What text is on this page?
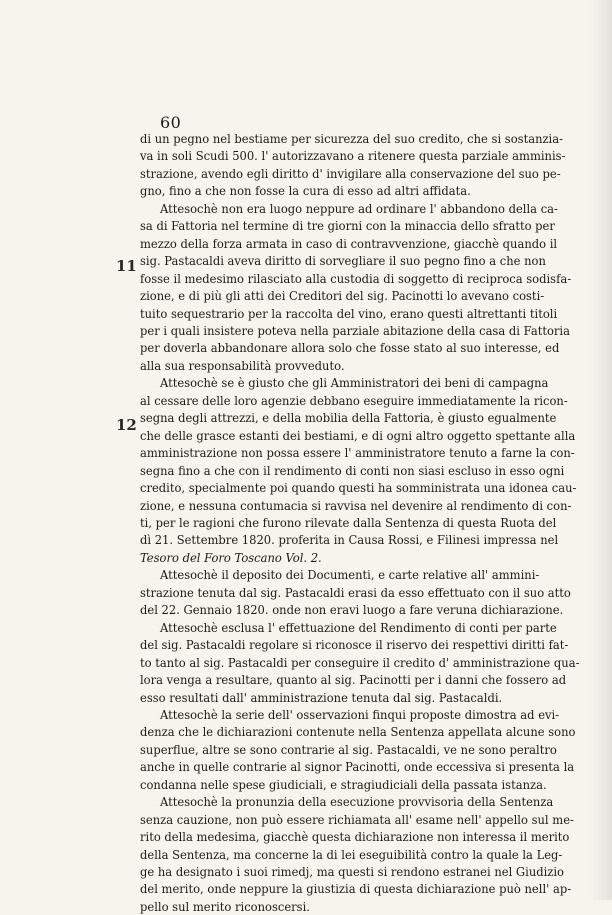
60
11
12

di un pegno nel bestiame per sicurezza del suo credito, che si sostanzia-
va in soli Scudi 500. l' autorizzavano a ritenere questa parziale amminis-
strazione, avendo egli diritto d' invigilare alla conservazione del suo pe-
gno, fino a che non fosse la cura di esso ad altri affidata.

Attesochè non era luogo neppure ad ordinare l' abbandono della ca-
sa di Fattoria nel termine di tre giorni con la minaccia dello sfratto per
mezzo della forza armata in caso di contravvenzione, giacchè quando il
sig. Pastacaldi aveva diritto di sorvegliare il suo pegno fino a che non
fosse il medesimo rilasciato alla custodia di soggetto di reciproca sodisfa-
zione, e di più gli atti dei Creditori del sig. Pacinotti lo avevano costi-
tuito sequestrario per la raccolta del vino, erano questi altrettanti titoli
per i quali insistere poteva nella parziale abitazione della casa di Fattoria
per doverla abbandonare allora solo che fosse stato al suo interesse, ed
alla sua responsabilità provveduto.

Attesochè se è giusto che gli Amministratori dei beni di campagna
al cessare delle loro agenzie debbano eseguire immediatamente la ricon-
segna degli attrezzi, e della mobilia della Fattoria, è giusto egualmente
che delle grasce estanti dei bestiami, e di ogni altro oggetto spettante alla
amministrazione non possa essere l' amministratore tenuto a farne la con-
segna fino a che con il rendimento di conti non siasi escluso in esso ogni
credito, specialmente poi quando questi ha somministrata una idonea cau-
zione, e nessuna contumacia si ravvisa nel devenire al rendimento di con-
ti, per le ragioni che furono rilevate dalla Sentenza di questa Ruota del
dì 21. Settembre 1820. proferita in Causa Rossi, e Filinesi impressa nel
Tesoro del Foro Toscano Vol. 2.

Attesochè il deposito dei Documenti, e carte relative all' ammini-
strazione tenuta dal sig. Pastacaldi erasi da esso effettuato con il suo atto
del 22. Gennaio 1820. onde non eravi luogo a fare veruna dichiarazione.

Attesochè esclusa l' effettuazione del Rendimento di conti per parte
del sig. Pastacaldi regolare si riconosce il riservo dei respettivi diritti fat-
to tanto al sig. Pastacaldi per conseguire il credito d' amministrazione qua-
lora venga a resultare, quanto al sig. Pacinotti per i danni che fossero ad
esso resultati dall' amministrazione tenuta dal sig. Pastacaldi.

Attesochè la serie dell' osservazioni finqui proposte dimostra ad evi-
denza che le dichiarazioni contenute nella Sentenza appellata alcune sono
superflue, altre se sono contrarie al sig. Pastacaldi, ve ne sono peraltro
anche in quelle contrarie al signor Pacinotti, onde eccessiva si presenta la
condanna nelle spese giudiciali, e stragiudiciali della passata istanza.

Attesochè la pronunzia della esecuzione provvisoria della Sentenza
senza cauzione, non può essere richiamata all' esame nell' appello sul me-
rito della medesima, giacchè questa dichiarazione non interessa il merito
della Sentenza, ma concerne la di lei eseguibilità contro la quale la Leg-
ge ha designato i suoi rimedj, ma questi si rendono estranei nel Giudizio
del merito, onde neppure la giustizia di questa dichiarazione può nell' ap-
pello sul merito riconoscersi.
